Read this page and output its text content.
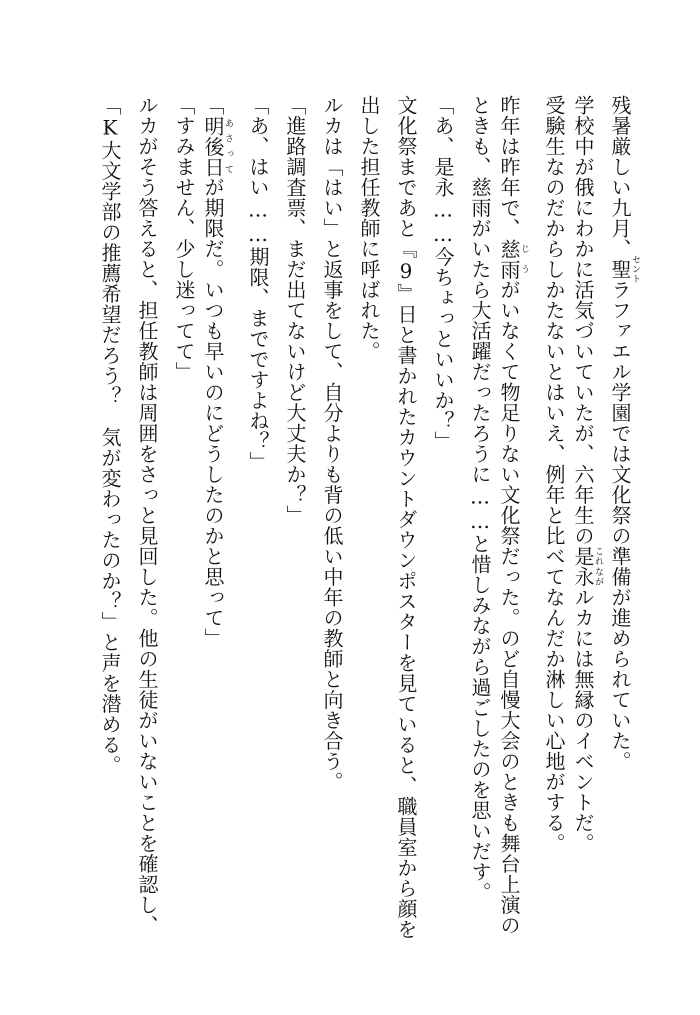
残暑厳しい九月、聖セントラファエル学園では文化祭の準備が進められていた。
学校中が俄にわかに活気づいていたが、六年生の是永これながルカには無縁のイベントだ。
受験生なのだからしかたないとはいえ、例年と比べてなんだか淋しい心地がする。
昨年は昨年で、慈雨じうがいなくて物足りない文化祭だった。のど自慢大会のときも舞台上演の
ときも、慈雨がいたら大活躍だったろうに……と惜しみながら過ごしたのを思いだす。
「あ、是永……今ちょっといいか？」
文化祭まであと『9』日と書かれたカウントダウンポスターを見ていると、職員室から顔を
出した担任教師に呼ばれた。
ルカは「はい」と返事をして、自分よりも背の低い中年の教師と向き合う。
「進路調査票、まだ出てないけど大丈夫か？」
「あ、はい……期限、までですよね？」
「明後日あさってが期限だ。いつも早いのにどうしたのかと思って」
「すみません、少し迷ってて」
ルカがそう答えると、担任教師は周囲をさっと見回した。他の生徒がいないことを確認し、
「K大文学部の推薦希望だろう？　気が変わったのか？」と声を潜める。
